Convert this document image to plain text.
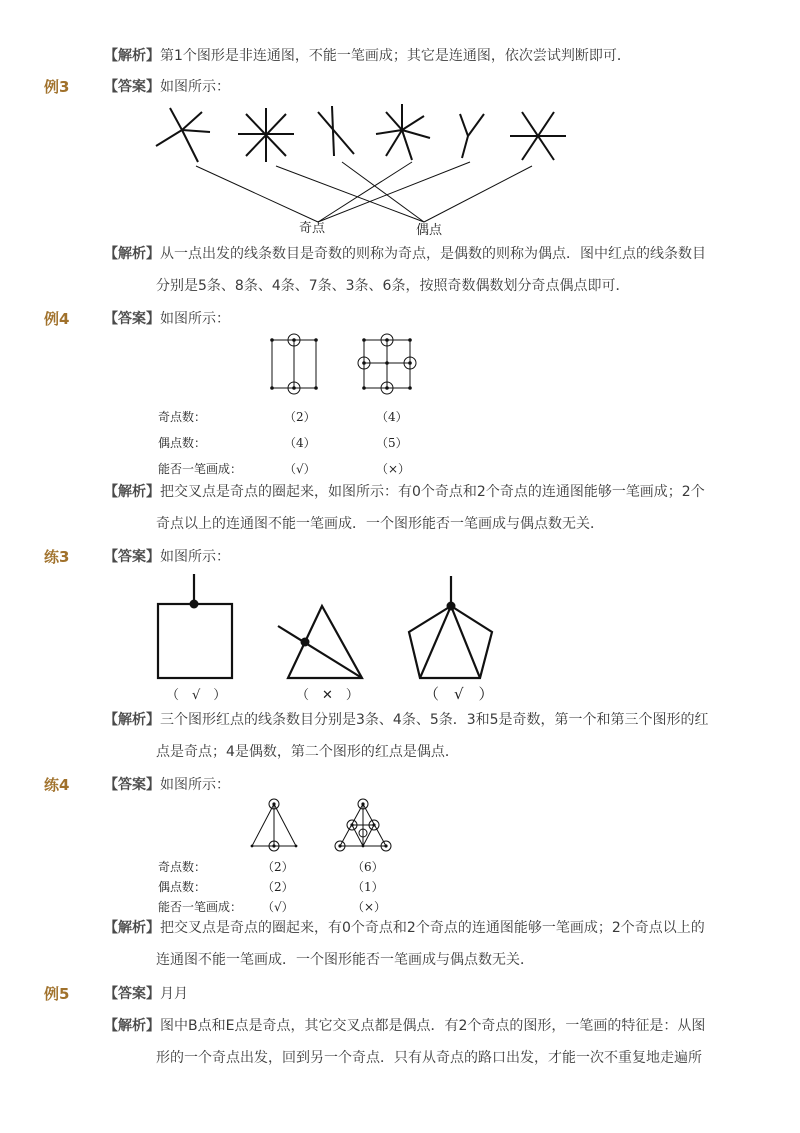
【解析】第1个图形是非连通图，不能一笔画成；其它是连通图，依次尝试判断即可．
例3 【答案】如图所示：
奇点	偶点
【解析】从一点出发的线条数目是奇数的则称为奇点，是偶数的则称为偶点．图中红点的线条数目
分别是5条、8条、4条、7条、3条、6条，按照奇数偶数划分奇点偶点即可．
例4 【答案】如图所示：
奇点数：	（2）	（4）
偶点数：	（4）	（5）
能否一笔画成：	（√）	（×）
【解析】把交叉点是奇点的圈起来，如图所示：有0个奇点和2个奇点的连通图能够一笔画成；2个
奇点以上的连通图不能一笔画成．一个图形能否一笔画成与偶点数无关．
练3 【答案】如图所示：
（　√　）	（　✕　）	（　√　）
【解析】三个图形红点的线条数目分别是3条、4条、5条．3和5是奇数，第一个和第三个图形的红
点是奇点；4是偶数，第二个图形的红点是偶点．
练4 【答案】如图所示：
奇点数：	（2）	（6）
偶点数：	（2）	（1）
能否一笔画成： （√）	（×）
【解析】把交叉点是奇点的圈起来，有0个奇点和2个奇点的连通图能够一笔画成；2个奇点以上的
连通图不能一笔画成．一个图形能否一笔画成与偶点数无关．
例5 【答案】月月
【解析】图中B点和E点是奇点，其它交叉点都是偶点．有2个奇点的图形，一笔画的特征是：从图
形的一个奇点出发，回到另一个奇点．只有从奇点的路口出发，才能一次不重复地走遍所
